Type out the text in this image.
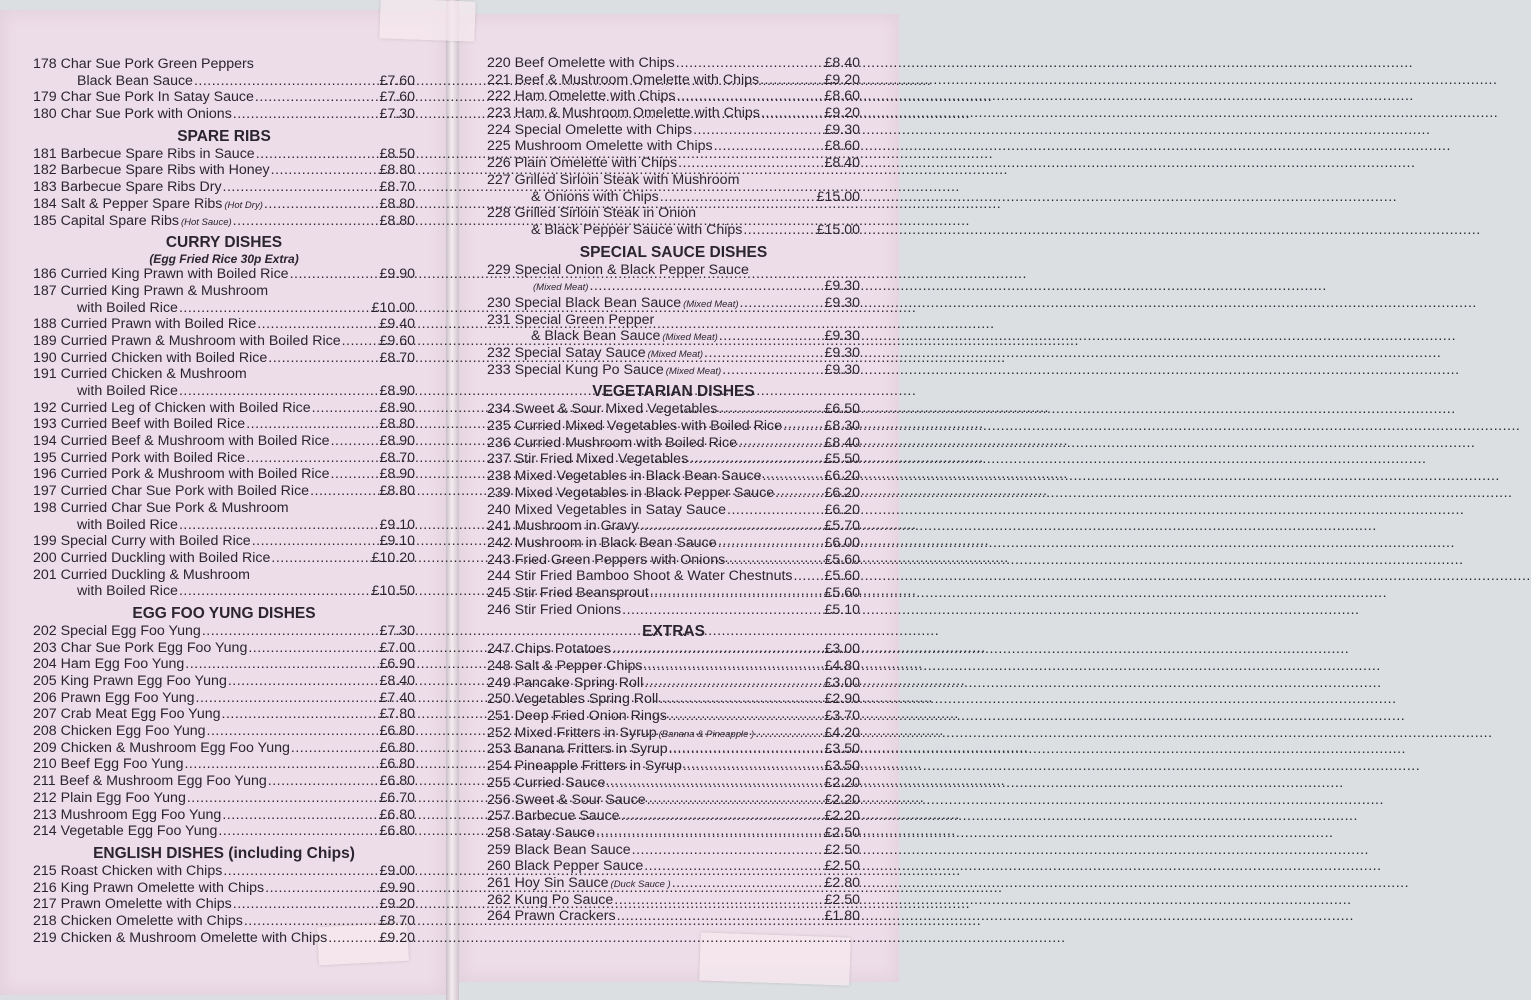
178 Char Sue Pork Green Peppers
Black Bean Sauce .....	£7.60
179 Char Sue Pork In Satay Sauce .....	£7.60
180 Char Sue Pork with Onions .....	£7.30
SPARE RIBS
181 Barbecue Spare Ribs in Sauce .....	£8.50
182 Barbecue Spare Ribs with Honey .....	£8.80
183 Barbecue Spare Ribs Dry .....	£8.70
184 Salt & Pepper Spare Ribs (Hot Dry) .....	£8.80
185 Capital Spare Ribs (Hot Sauce) .....	£8.80
CURRY DISHES
(Egg Fried Rice 30p Extra)
186 Curried King Prawn with Boiled Rice .....	£9.90
187 Curried King Prawn & Mushroom
with Boiled Rice .....	£10.00
188 Curried Prawn with Boiled Rice .....	£9.40
189 Curried Prawn & Mushroom with Boiled Rice .....	£9.60
190 Curried Chicken with Boiled Rice .....	£8.70
191 Curried Chicken & Mushroom
with Boiled Rice .....	£8.90
192 Curried Leg of Chicken with Boiled Rice .....	£8.90
193 Curried Beef with Boiled Rice .....	£8.80
194 Curried Beef & Mushroom with Boiled Rice .....	£8.90
195 Curried Pork with Boiled Rice .....	£8.70
196 Curried Pork & Mushroom with Boiled Rice .....	£8.90
197 Curried Char Sue Pork with Boiled Rice .....	£8.80
198 Curried Char Sue Pork & Mushroom
with Boiled Rice .....	£9.10
199 Special Curry with Boiled Rice .....	£9.10
200 Curried Duckling with Boiled Rice .....	£10.20
201 Curried Duckling & Mushroom
with Boiled Rice .....	£10.50
EGG FOO YUNG DISHES
202 Special Egg Foo Yung .....	£7.30
203 Char Sue Pork Egg Foo Yung .....	£7.00
204 Ham Egg Foo Yung .....	£6.90
205 King Prawn Egg Foo Yung .....	£8.40
206 Prawn Egg Foo Yung .....	£7.40
207 Crab Meat Egg Foo Yung .....	£7.80
208 Chicken Egg Foo Yung .....	£6.80
209 Chicken & Mushroom Egg Foo Yung .....	£6.80
210 Beef Egg Foo Yung .....	£6.80
211 Beef & Mushroom Egg Foo Yung .....	£6.80
212 Plain Egg Foo Yung .....	£6.70
213 Mushroom Egg Foo Yung .....	£6.80
214 Vegetable Egg Foo Yung .....	£6.80
ENGLISH DISHES (including Chips)
215 Roast Chicken with Chips .....	£9.00
216 King Prawn Omelette with Chips .....	£9.90
217 Prawn Omelette with Chips .....	£9.20
218 Chicken Omelette with Chips .....	£8.70
219 Chicken & Mushroom Omelette with Chips .....	£9.20
220 Beef Omelette with Chips .....	£8.40
221 Beef & Mushroom Omelette with Chips .....	£9.20
222 Ham Omelette with Chips .....	£8.60
223 Ham & Mushroom Omelette with Chips .....	£9.20
224 Special Omelette with Chips .....	£9.30
225 Mushroom Omelette with Chips .....	£8.60
226 Plain Omelette with Chips .....	£8.40
227 Grilled Sirloin Steak with Mushroom
& Onions with Chips .....	£15.00
228 Grilled Sirloin Steak in Onion
& Black Pepper Sauce with Chips .....	£15.00
SPECIAL SAUCE DISHES
229 Special Onion & Black Pepper Sauce
(Mixed Meat) .....	£9.30
230 Special Black Bean Sauce (Mixed Meat) .....	£9.30
231 Special Green Pepper
& Black Bean Sauce (Mixed Meat) .....	£9.30
232 Special Satay Sauce (Mixed Meat) .....	£9.30
233 Special Kung Po Sauce (Mixed Meat) .....	£9.30
VEGETARIAN DISHES
234 Sweet & Sour Mixed Vegetables .....	£6.50
235 Curried Mixed Vegetables with Boiled Rice .....	£8.30
236 Curried Mushroom with Boiled Rice .....	£8.40
237 Stir Fried Mixed Vegetables .....	£5.50
238 Mixed Vegetables in Black Bean Sauce .....	£6.20
239 Mixed Vegetables in Black Pepper Sauce .....	£6.20
240 Mixed Vegetables in Satay Sauce .....	£6.20
241 Mushroom in Gravy .....	£5.70
242 Mushroom in Black Bean Sauce .....	£6.00
243 Fried Green Peppers with Onions .....	£5.60
244 Stir Fried Bamboo Shoot & Water Chestnuts ..... £5.60
245 Stir Fried Beansprout .....	£5.60
246 Stir Fried Onions .....	£5.10
EXTRAS
247 Chips Potatoes .....	£3.00
248 Salt & Pepper Chips .....	£4.80
249 Pancake Spring Roll .....	£3.00
250 Vegetables Spring Roll .....	£2.90
251 Deep Fried Onion Rings .....	£3.70
252 Mixed Fritters in Syrup (Banana & Pineapple ) .....	£4.20
253 Banana Fritters in Syrup .....	£3.50
254 Pineapple Fritters in Syrup .....	£3.50
255 Curried Sauce .....	£2.20
256 Sweet & Sour Sauce .....	£2.20
257 Barbecue Sauce .....	£2.20
258 Satay Sauce .....	£2.50
259 Black Bean Sauce .....	£2.50
260 Black Pepper Sauce .....	£2.50
261 Hoy Sin Sauce (Duck Sauce ) .....	£2.80
262 Kung Po Sauce .....	£2.50
264 Prawn Crackers .....	£1.80
